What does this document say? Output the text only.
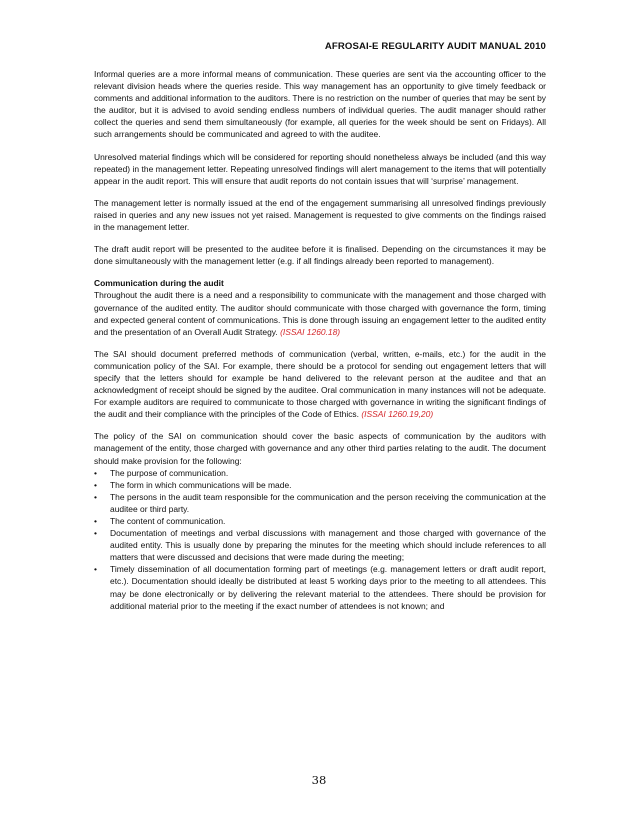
AFROSAI-E REGULARITY AUDIT MANUAL 2010

Informal queries are a more informal means of communication. These queries are sent via the accounting officer to the relevant division heads where the queries reside. This way management has an opportunity to give timely feedback or comments and additional information to the auditors. There is no restriction on the number of queries that may be sent by the auditor, but it is advised to avoid sending endless numbers of individual queries. The audit manager should rather collect the queries and send them simultaneously (for example, all queries for the week should be sent on Fridays). All such arrangements should be communicated and agreed to with the auditee.

Unresolved material findings which will be considered for reporting should nonetheless always be included (and this way repeated) in the management letter. Repeating unresolved findings will alert management to the items that will potentially appear in the audit report. This will ensure that audit reports do not contain issues that will ‘surprise’ management.

The management letter is normally issued at the end of the engagement summarising all unresolved findings previously raised in queries and any new issues not yet raised. Management is requested to give comments on the findings raised in the management letter.

The draft audit report will be presented to the auditee before it is finalised. Depending on the circumstances it may be done simultaneously with the management letter (e.g. if all findings already been reported to management).

Communication during the audit

Throughout the audit there is a need and a responsibility to communicate with the management and those charged with governance of the audited entity. The auditor should communicate with those charged with governance the form, timing and expected general content of communications. This is done through issuing an engagement letter to the audited entity and the presentation of an Overall Audit Strategy. (ISSAI 1260.18)

The SAI should document preferred methods of communication (verbal, written, e-mails, etc.) for the audit in the communication policy of the SAI. For example, there should be a protocol for sending out engagement letters that will specify that the letters should for example be hand delivered to the relevant person at the auditee and that an acknowledgment of receipt should be signed by the auditee. Oral communication in many instances will not be adequate. For example auditors are required to communicate to those charged with governance in writing the significant findings of the audit and their compliance with the principles of the Code of Ethics. (ISSAI 1260.19,20)

The policy of the SAI on communication should cover the basic aspects of communication by the auditors with management of the entity, those charged with governance and any other third parties relating to the audit. The document should make provision for the following:

• The purpose of communication.
• The form in which communications will be made.
• The persons in the audit team responsible for the communication and the person receiving the communication at the auditee or third party.
• The content of communication.
• Documentation of meetings and verbal discussions with management and those charged with governance of the audited entity. This is usually done by preparing the minutes for the meeting which should include references to all matters that were discussed and decisions that were made during the meeting;
• Timely dissemination of all documentation forming part of meetings (e.g. management letters or draft audit report, etc.). Documentation should ideally be distributed at least 5 working days prior to the meeting to all attendees. This may be done electronically or by delivering the relevant material to the attendees. There should be provision for additional material prior to the meeting if the exact number of attendees is not known; and
38
